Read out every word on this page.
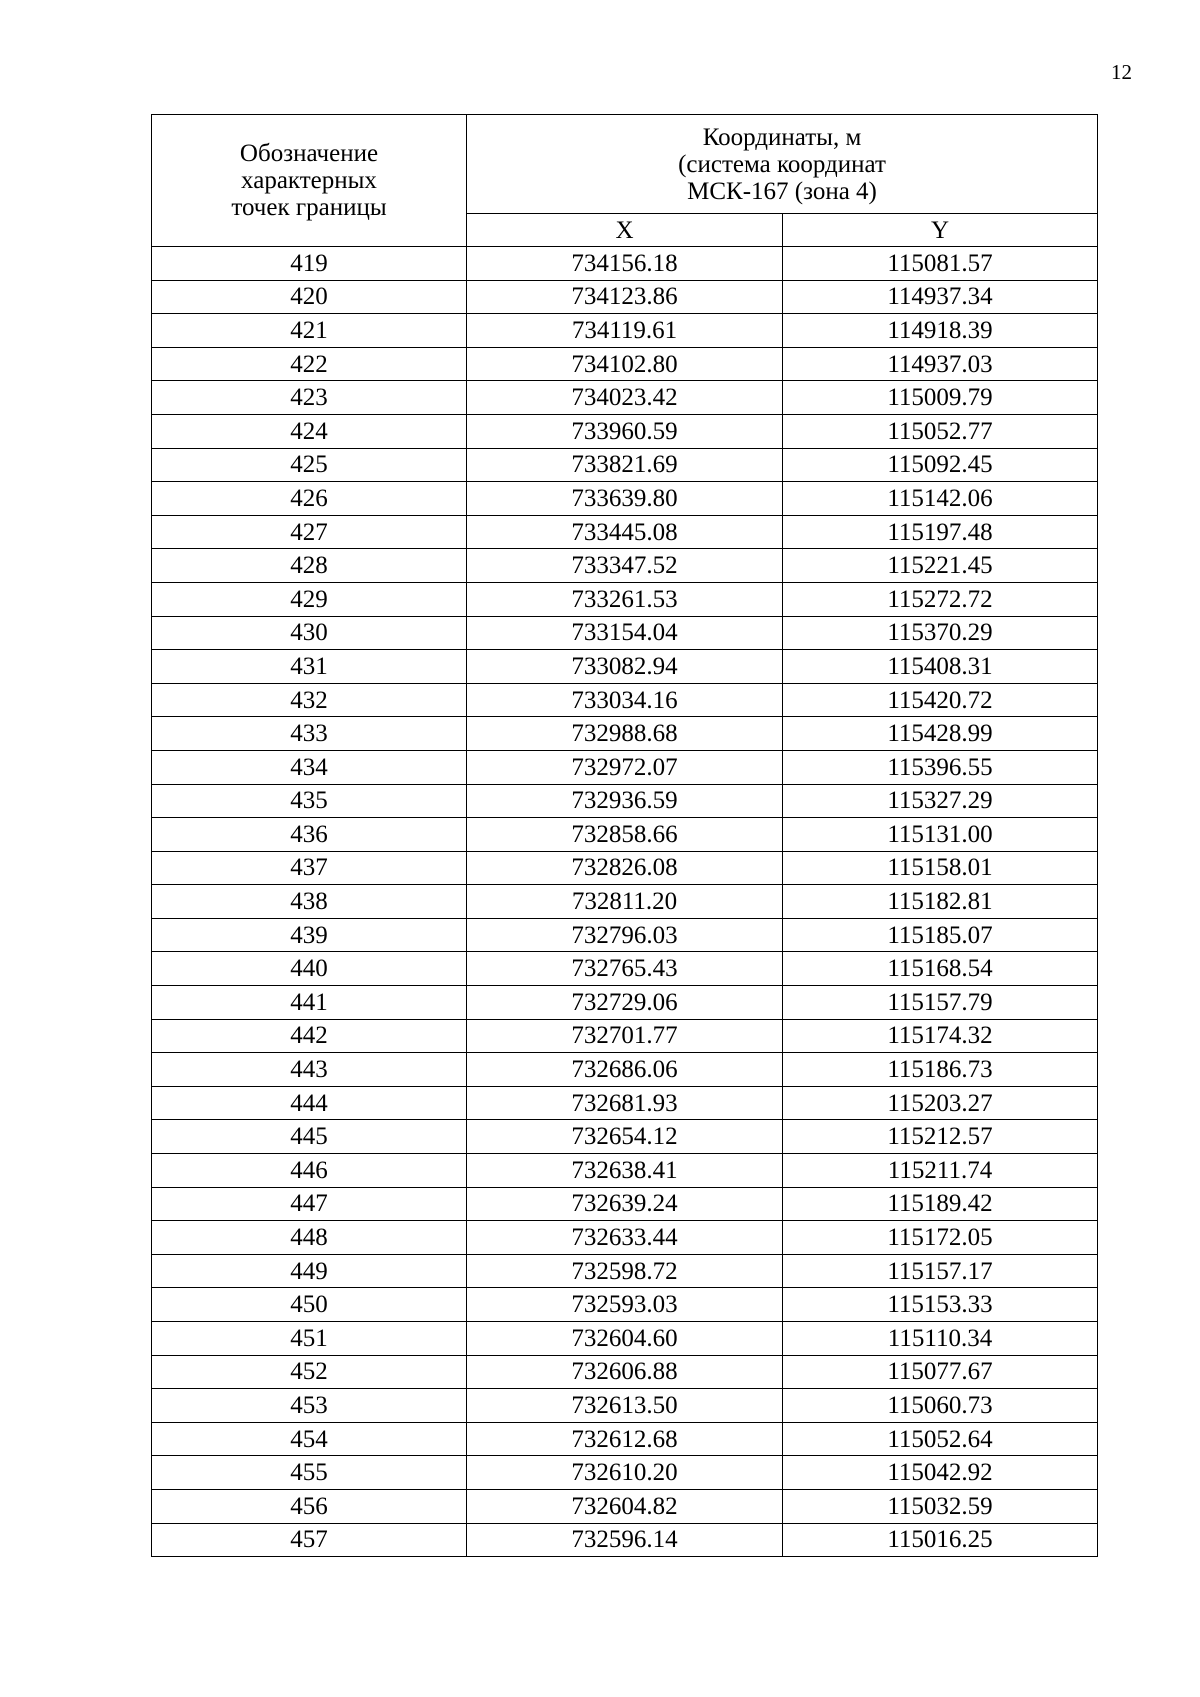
12
Обозначение
характерных
точек границы	Координаты, м
(система координат
МСК-167 (зона 4)	

	X	Y
419	734156.18	115081.57
420	734123.86	114937.34
421	734119.61	114918.39
422	734102.80	114937.03
423	734023.42	115009.79
424	733960.59	115052.77
425	733821.69	115092.45
426	733639.80	115142.06
427	733445.08	115197.48
428	733347.52	115221.45
429	733261.53	115272.72
430	733154.04	115370.29
431	733082.94	115408.31
432	733034.16	115420.72
433	732988.68	115428.99
434	732972.07	115396.55
435	732936.59	115327.29
436	732858.66	115131.00
437	732826.08	115158.01
438	732811.20	115182.81
439	732796.03	115185.07
440	732765.43	115168.54
441	732729.06	115157.79
442	732701.77	115174.32
443	732686.06	115186.73
444	732681.93	115203.27
445	732654.12	115212.57
446	732638.41	115211.74
447	732639.24	115189.42
448	732633.44	115172.05
449	732598.72	115157.17
450	732593.03	115153.33
451	732604.60	115110.34
452	732606.88	115077.67
453	732613.50	115060.73
454	732612.68	115052.64
455	732610.20	115042.92
456	732604.82	115032.59
457	732596.14	115016.25
